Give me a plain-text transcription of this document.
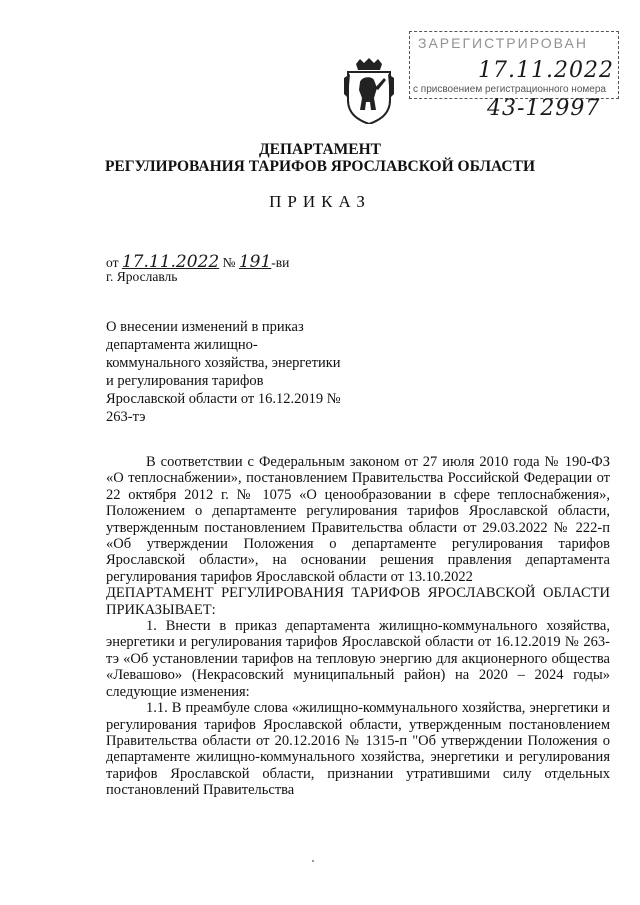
ЗАРЕГИСТРИРОВАН
17.11.2022
с присвоением регистрационного номера
43-12997
ДЕПАРТАМЕНТ
РЕГУЛИРОВАНИЯ ТАРИФОВ ЯРОСЛАВСКОЙ ОБЛАСТИ
ПРИКАЗ
от 17.11.2022 № 191-ви
г. Ярославль
О внесении изменений в приказ департамента жилищно-коммунального хозяйства, энергетики и регулирования тарифов Ярославской области от 16.12.2019 № 263-тэ

В соответствии с Федеральным законом от 27 июля 2010 года № 190-ФЗ «О теплоснабжении», постановлением Правительства Российской Федерации от 22 октября 2012 г. № 1075 «О ценообразовании в сфере теплоснабжения», Положением о департаменте регулирования тарифов Ярославской области, утвержденным постановлением Правительства области от 29.03.2022 № 222-п «Об утверждении Положения о департаменте регулирования тарифов Ярославской области», на основании решения правления департамента регулирования тарифов Ярославской области от 13.10.2022

ДЕПАРТАМЕНТ РЕГУЛИРОВАНИЯ ТАРИФОВ ЯРОСЛАВСКОЙ ОБЛАСТИ ПРИКАЗЫВАЕТ:

1. Внести в приказ департамента жилищно-коммунального хозяйства, энергетики и регулирования тарифов Ярославской области от 16.12.2019 № 263-тэ «Об установлении тарифов на тепловую энергию для акционерного общества «Левашово» (Некрасовский муниципальный район) на 2020 – 2024 годы» следующие изменения:

1.1. В преамбуле слова «жилищно-коммунального хозяйства, энергетики и регулирования тарифов Ярославской области, утвержденным постановлением Правительства области от 20.12.2016 № 1315-п "Об утверждении Положения о департаменте жилищно-коммунального хозяйства, энергетики и регулирования тарифов Ярославской области, признании утратившими силу отдельных постановлений Правительства
